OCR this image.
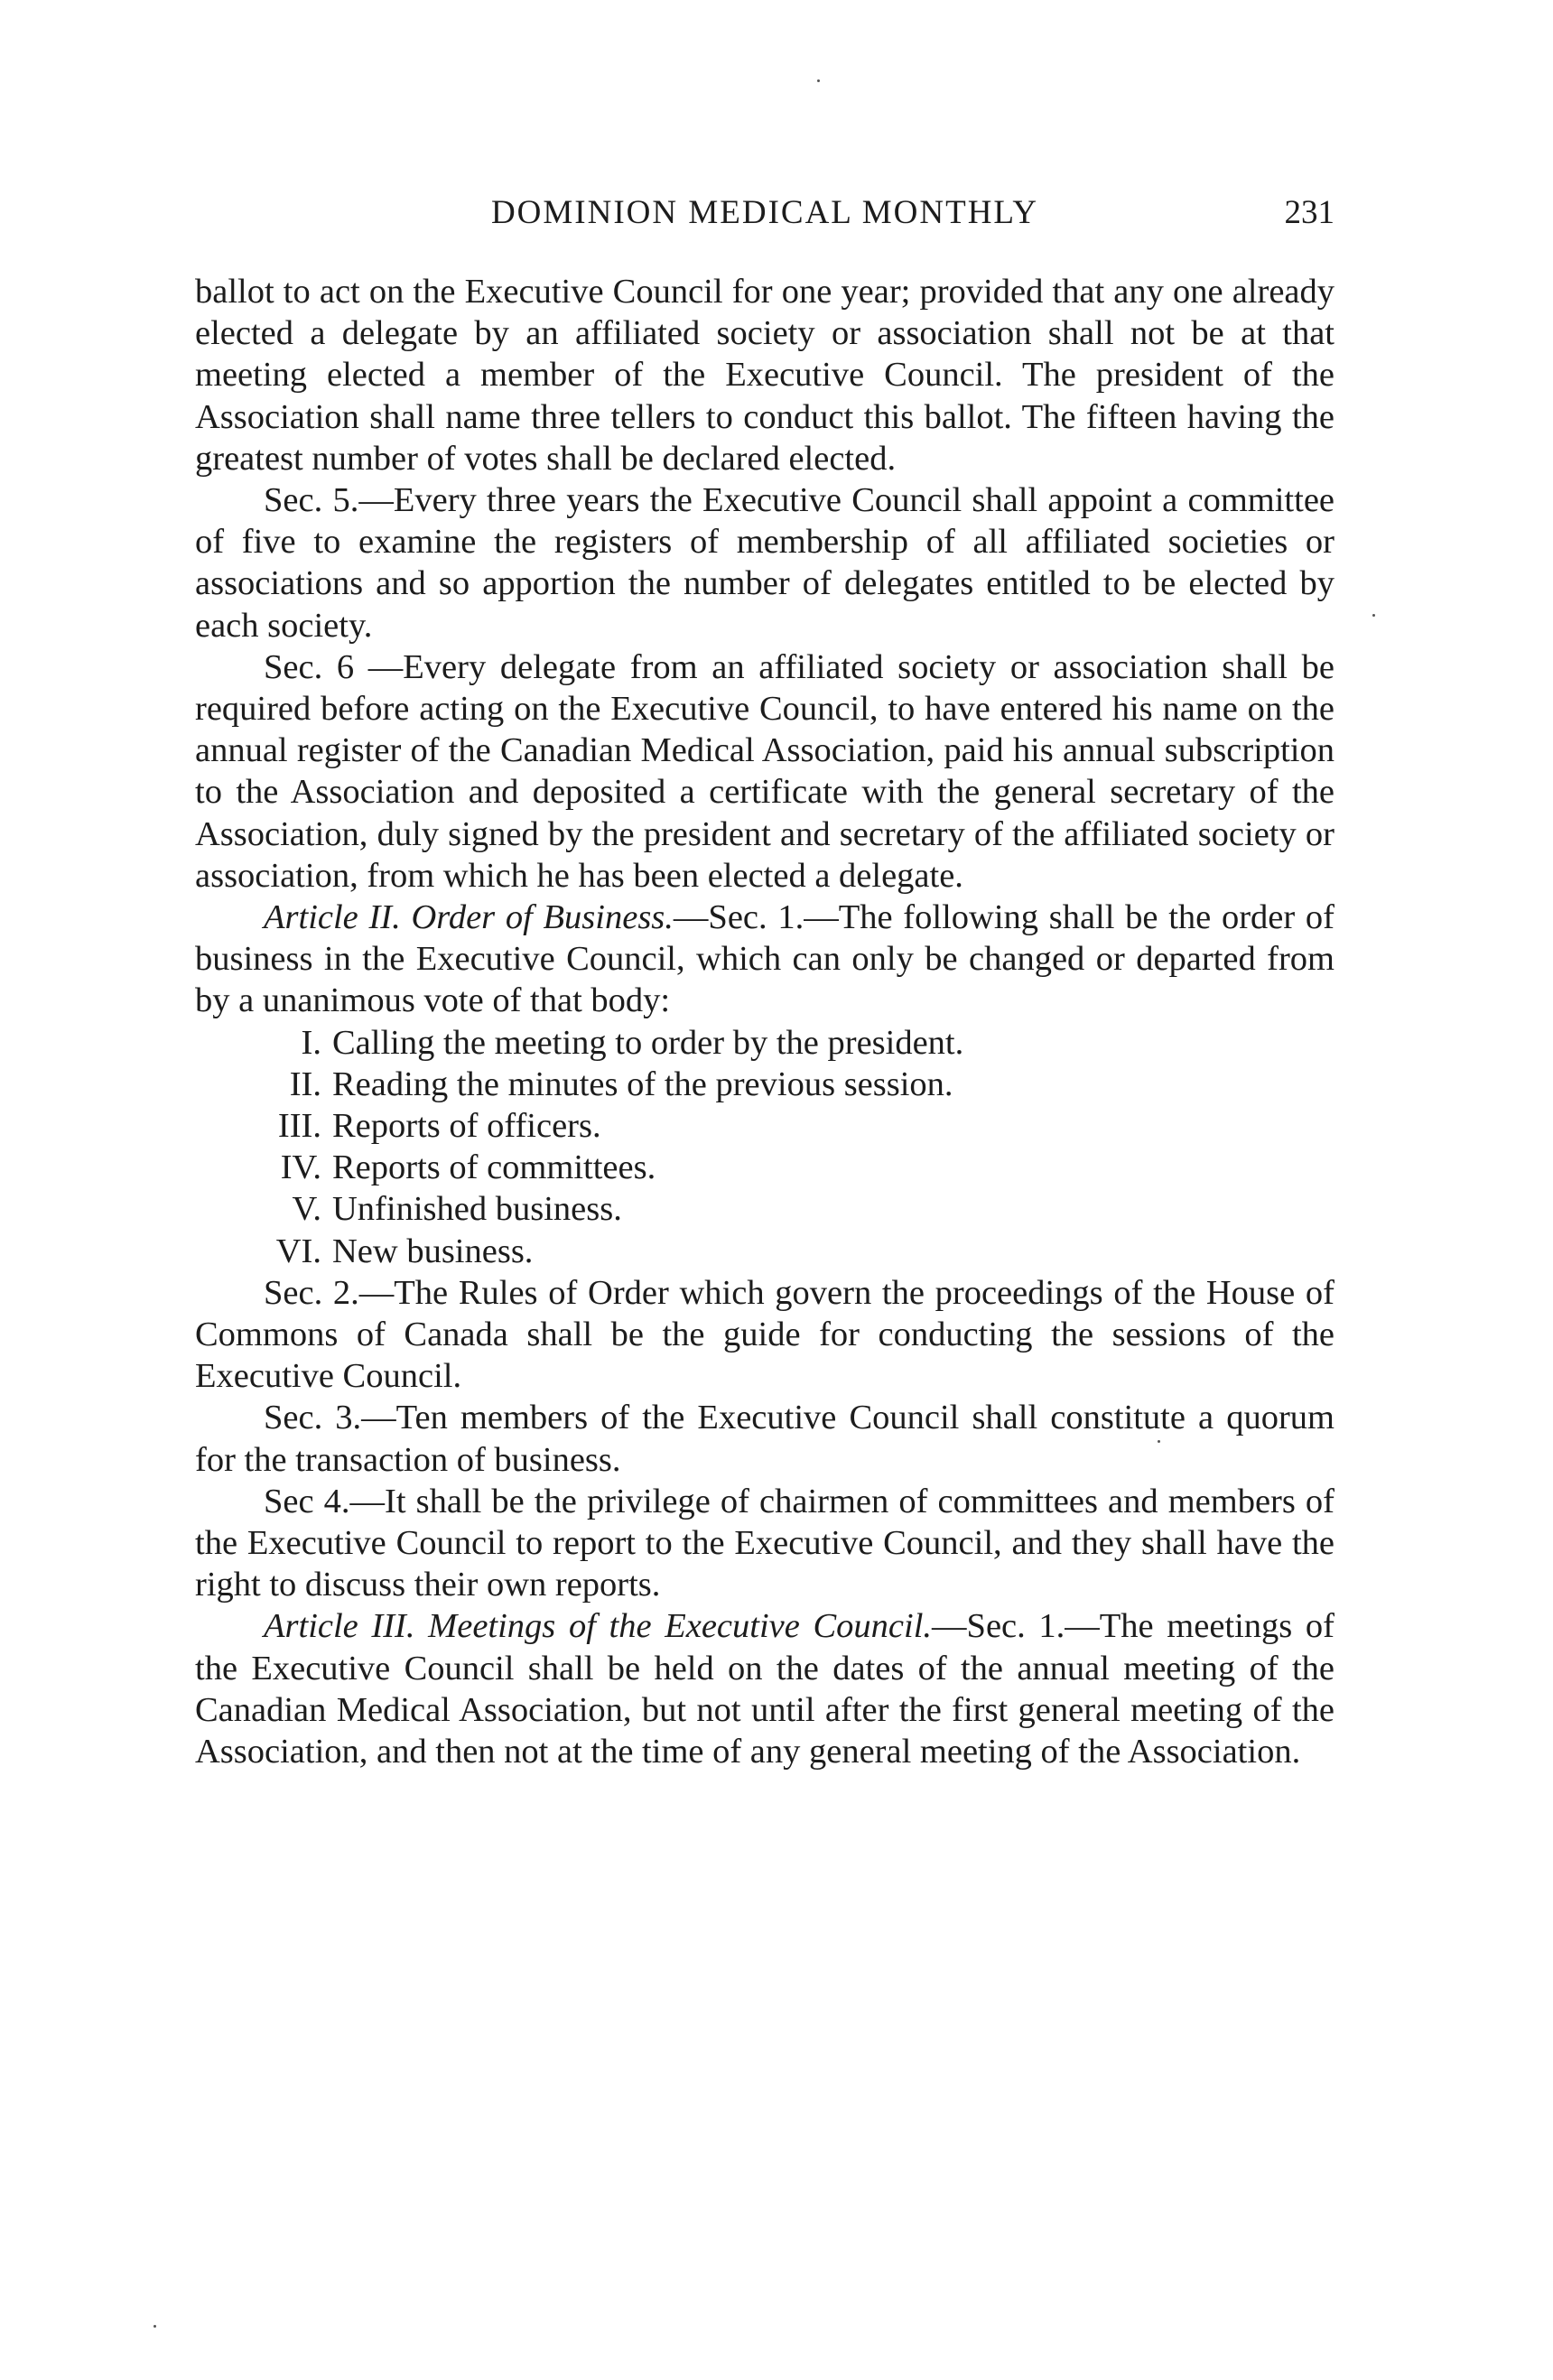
DOMINION MEDICAL MONTHLY	231

ballot to act on the Executive Council for one year; provided that any one already elected a delegate by an affiliated society or association shall not be at that meeting elected a member of the Executive Council. The president of the Association shall name three tellers to conduct this ballot. The fifteen having the greatest number of votes shall be declared elected.

Sec. 5.—Every three years the Executive Council shall appoint a committee of five to examine the registers of membership of all affiliated societies or associations and so apportion the number of delegates entitled to be elected by each society.

Sec. 6 —Every delegate from an affiliated society or association shall be required before acting on the Executive Council, to have entered his name on the annual register of the Canadian Medical Association, paid his annual subscription to the Association and deposited a certificate with the general secretary of the Association, duly signed by the president and secretary of the affiliated society or association, from which he has been elected a delegate.

Article II. Order of Business.—Sec. 1.—The following shall be the order of business in the Executive Council, which can only be changed or departed from by a unanimous vote of that body:

I. Calling the meeting to order by the president.
II. Reading the minutes of the previous session.
III. Reports of officers.
IV. Reports of committees.
V. Unfinished business.
VI. New business.

Sec. 2.—The Rules of Order which govern the proceedings of the House of Commons of Canada shall be the guide for conducting the sessions of the Executive Council.

Sec. 3.—Ten members of the Executive Council shall constitute a quorum for the transaction of business.

Sec 4.—It shall be the privilege of chairmen of committees and members of the Executive Council to report to the Executive Council, and they shall have the right to discuss their own reports.

Article III. Meetings of the Executive Council.—Sec. 1.—The meetings of the Executive Council shall be held on the dates of the annual meeting of the Canadian Medical Association, but not until after the first general meeting of the Association, and then not at the time of any general meeting of the Association.
